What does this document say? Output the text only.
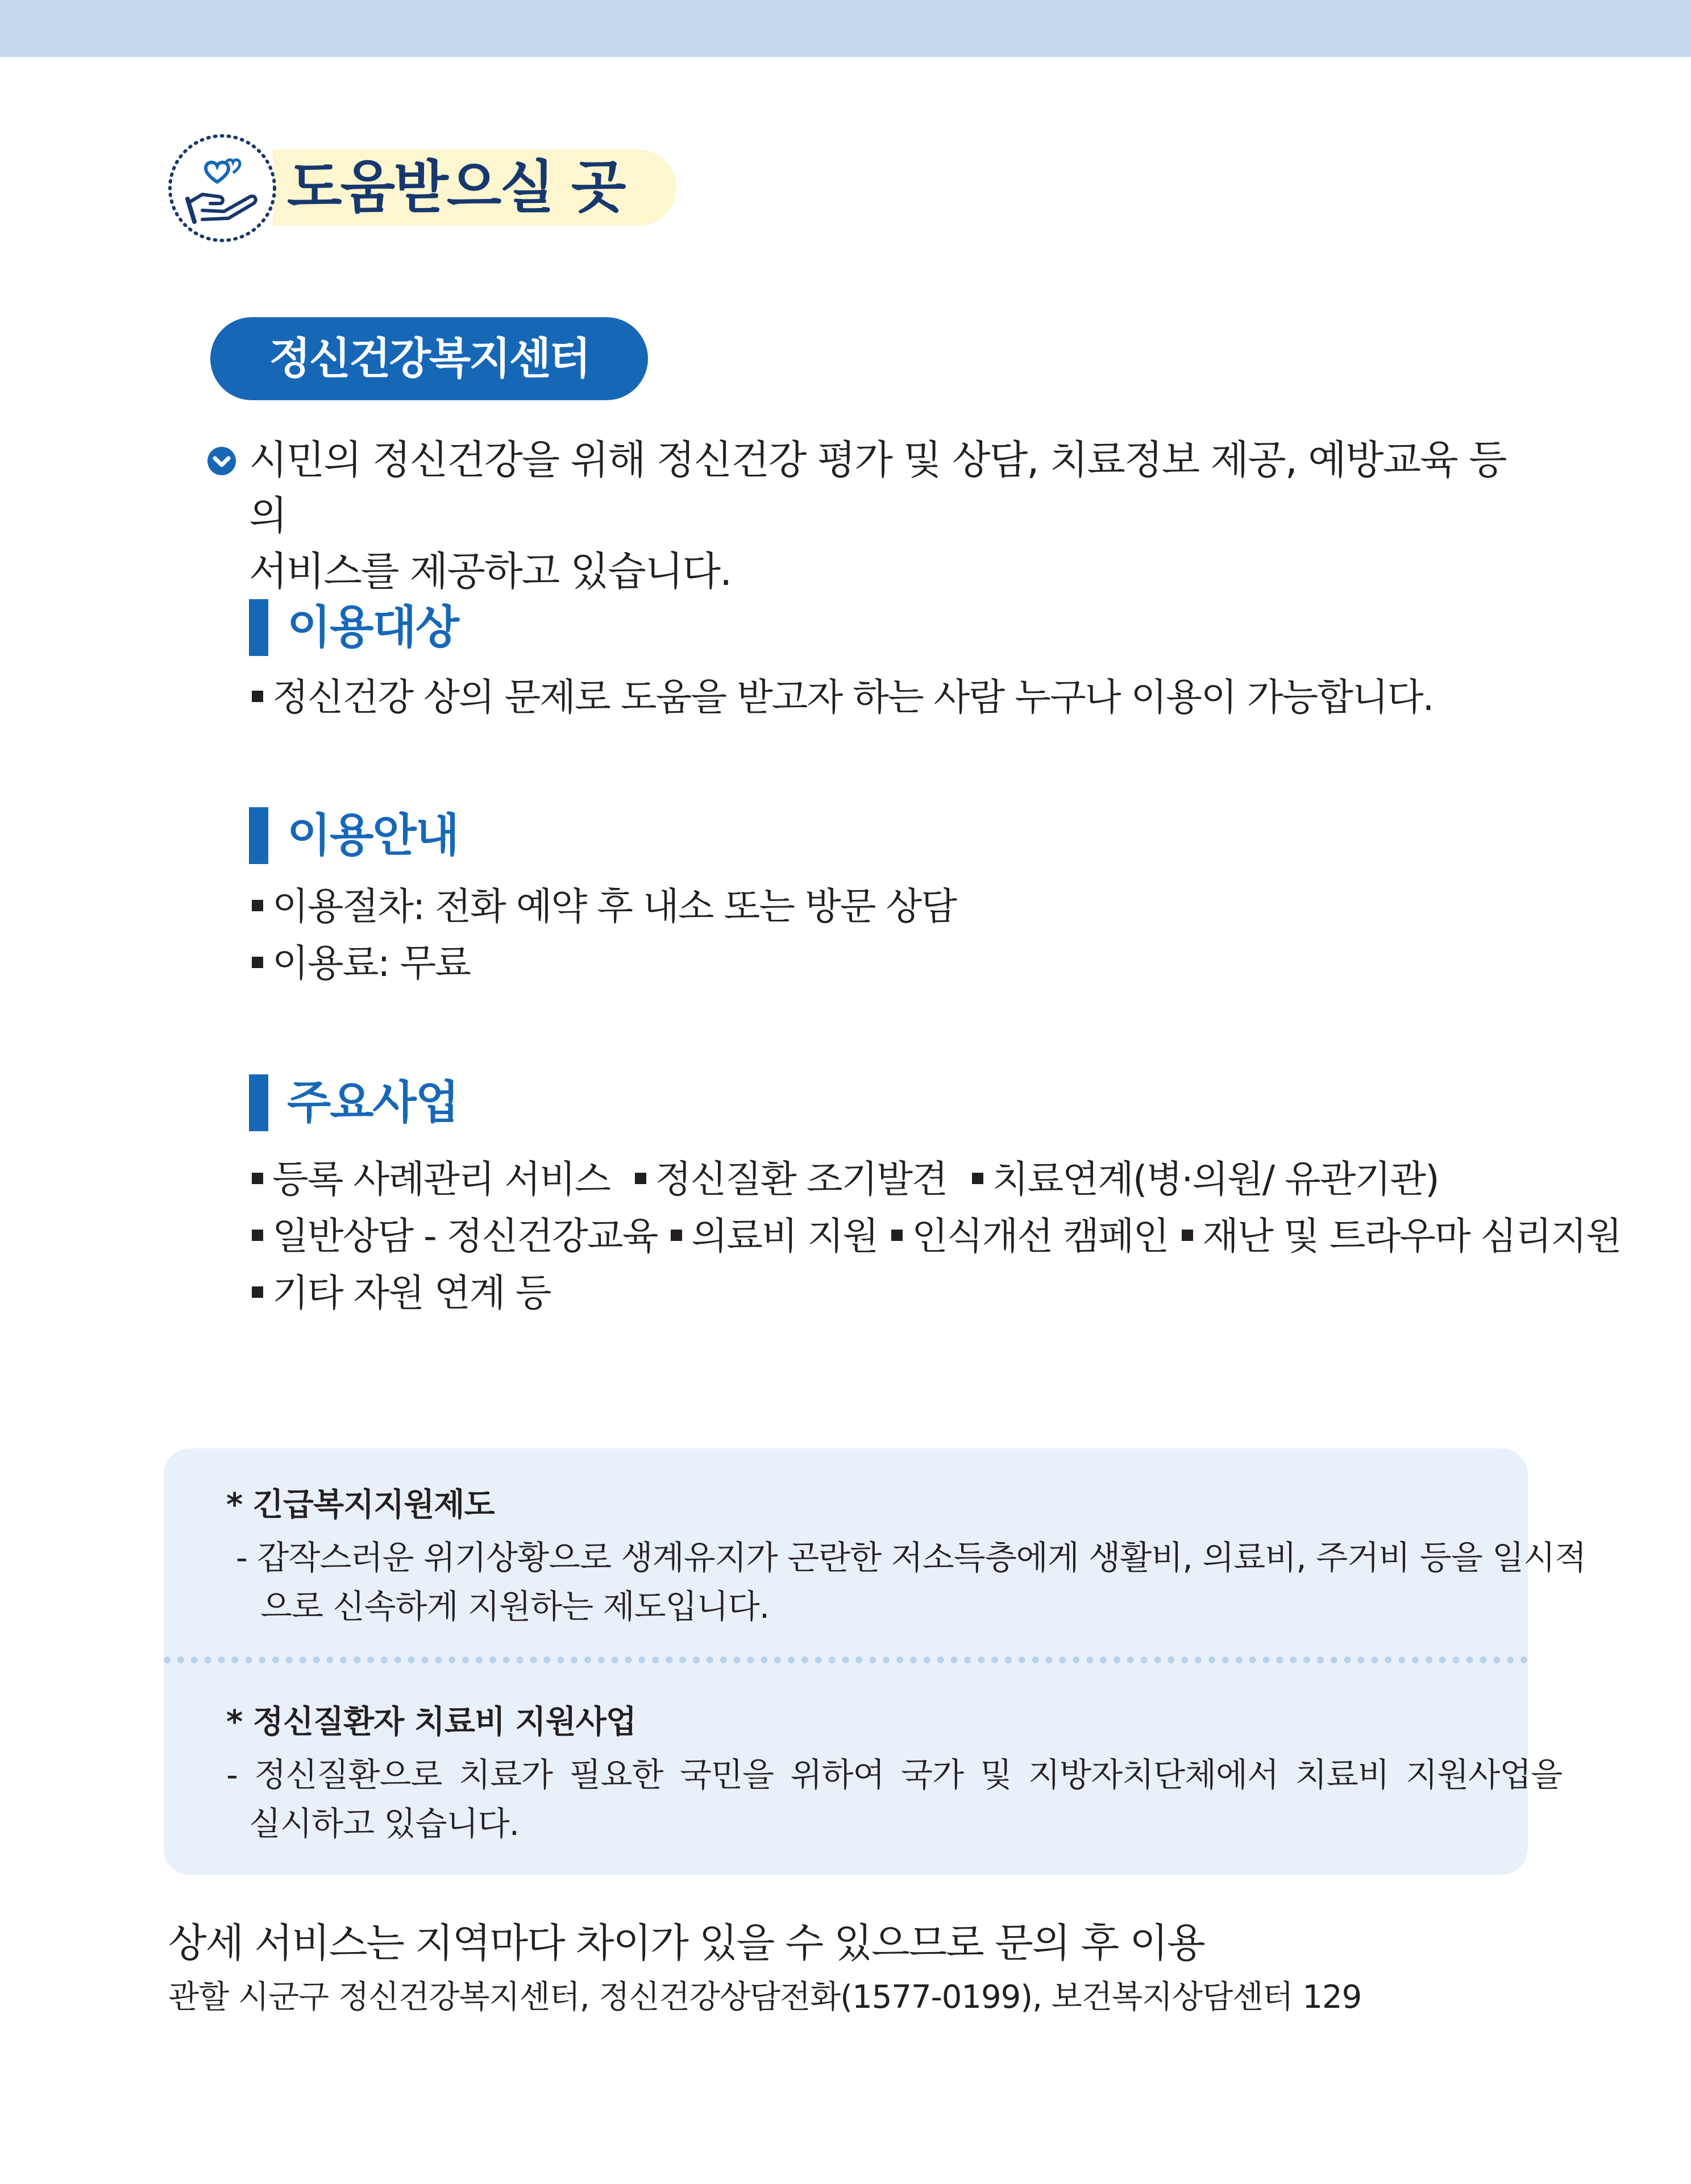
도움받으실 곳
정신건강복지센터
시민의 정신건강을 위해 정신건강 평가 및 상담, 치료정보 제공, 예방교육 등의
서비스를 제공하고 있습니다.
이용대상
정신건강 상의 문제로 도움을 받고자 하는 사람 누구나 이용이 가능합니다.
이용안내
이용절차: 전화 예약 후 내소 또는 방문 상담
이용료: 무료
주요사업
등록 사례관리 서비스 정신질환 조기발견 치료연계(병·의원/ 유관기관)
일반상담 - 정신건강교육 의료비 지원 인식개선 캠페인 재난 및 트라우마 심리지원
기타 자원 연계 등
* 긴급복지지원제도
- 갑작스러운 위기상황으로 생계유지가 곤란한 저소득층에게 생활비, 의료비, 주거비 등을 일시적
으로 신속하게 지원하는 제도입니다.
* 정신질환자 치료비 지원사업
- 정신질환으로 치료가 필요한 국민을 위하여 국가 및 지방자치단체에서 치료비 지원사업을
실시하고 있습니다.
상세 서비스는 지역마다 차이가 있을 수 있으므로 문의 후 이용
관할 시군구 정신건강복지센터, 정신건강상담전화(1577-0199), 보건복지상담센터 129
